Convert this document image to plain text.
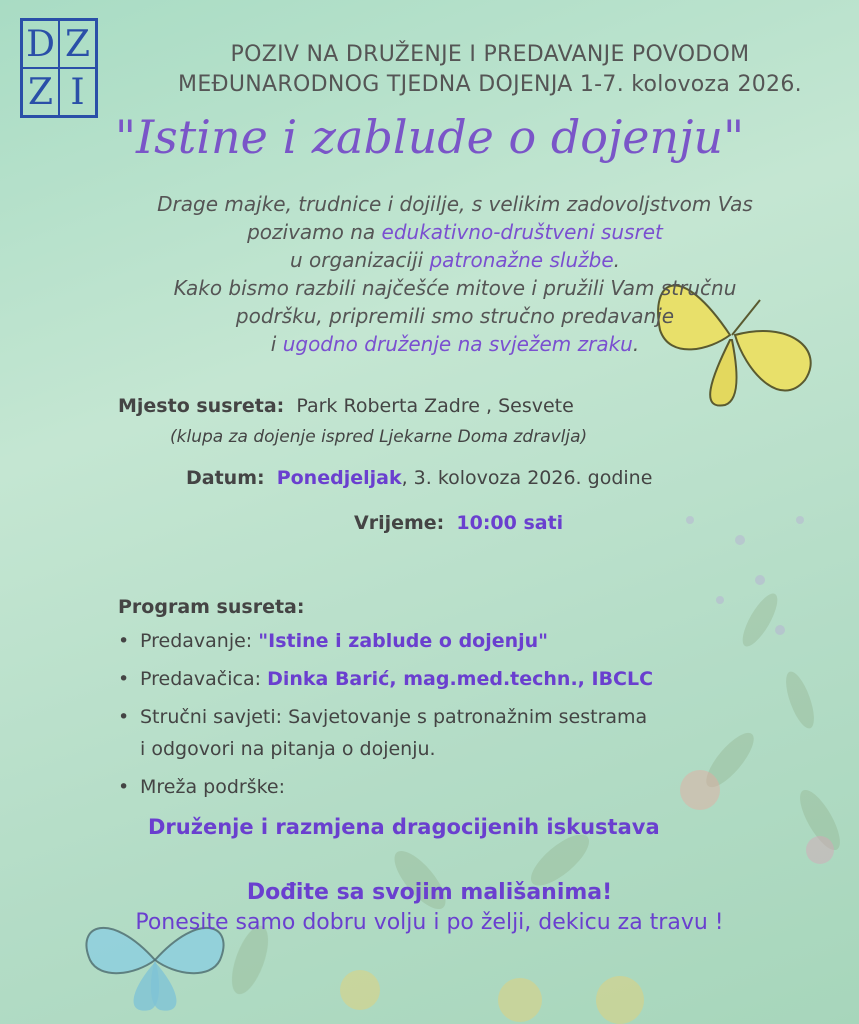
D Z
Z I
POZIV NA DRUŽENJE I PREDAVANJE POVODOM
MEĐUNARODNOG TJEDNA DOJENJA 1-7. kolovoza 2026.
"Istine i zablude o dojenju"
Drage majke, trudnice i dojilje, s velikim zadovoljstvom Vas
pozivamo na edukativno-društveni susret
u organizaciji patronažne službe.
Kako bismo razbili najčešće mitove i pružili Vam stručnu
podršku, pripremili smo stručno predavanje
i ugodno druženje na svježem zraku.
Mjesto susreta: Park Roberta Zadre , Sesvete
(klupa za dojenje ispred Ljekarne Doma zdravlja)
Datum: Ponedjeljak, 3. kolovoza 2026. godine
Vrijeme: 10:00 sati
Program susreta:
• Predavanje: "Istine i zablude o dojenju"
• Predavačica: Dinka Barić, mag.med.techn., IBCLC
• Stručni savjeti: Savjetovanje s patronažnim sestrama
i odgovori na pitanja o dojenju.
• Mreža podrške:
Druženje i razmjena dragocijenih iskustava
Dođite sa svojim mališanima!
Ponesite samo dobru volju i po želji, dekicu za travu !
